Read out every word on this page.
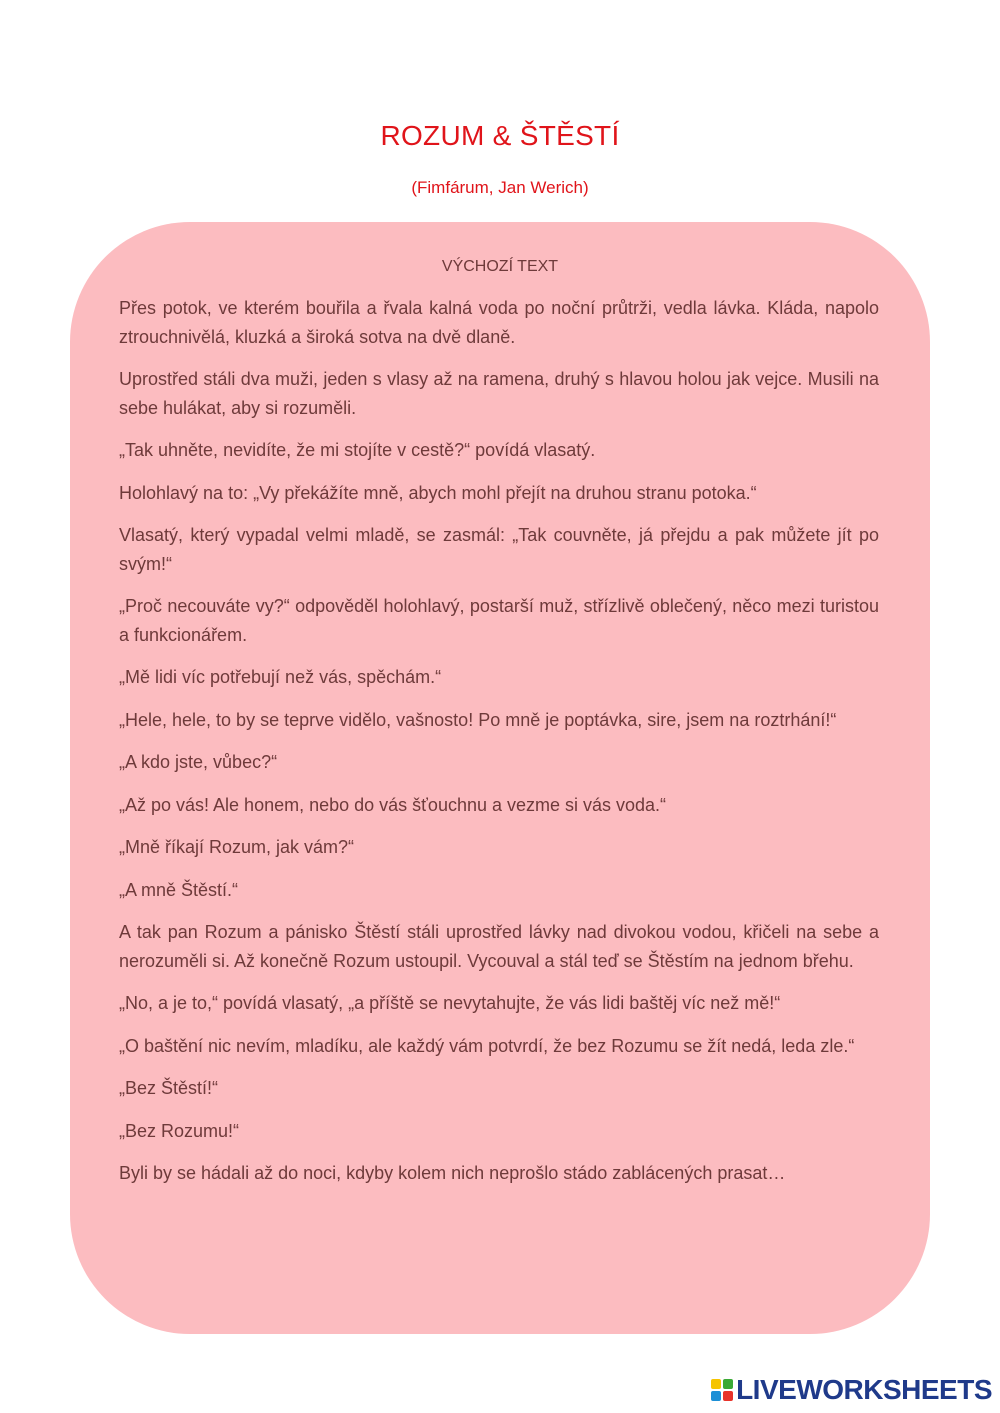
ROZUM & ŠTĚSTÍ
(Fimfárum, Jan Werich)
VÝCHOZÍ TEXT

Přes potok, ve kterém bouřila a řvala kalná voda po noční průtrži, vedla lávka. Kláda, napolo ztrouchnivělá, kluzká a široká sotva na dvě dlaně.

Uprostřed stáli dva muži, jeden s vlasy až na ramena, druhý s hlavou holou jak vejce. Musili na sebe hulákat, aby si rozuměli.

„Tak uhněte, nevidíte, že mi stojíte v cestě?“ povídá vlasatý.

Holohlavý na to: „Vy překážíte mně, abych mohl přejít na druhou stranu potoka.“

Vlasatý, který vypadal velmi mladě, se zasmál: „Tak couvněte, já přejdu a pak můžete jít po svým!“

„Proč necouváte vy?“ odpověděl holohlavý, postarší muž, střízlivě oblečený, něco mezi turistou a funkcionářem.

„Mě lidi víc potřebují než vás, spěchám.“

„Hele, hele, to by se teprve vidělo, vašnosto! Po mně je poptávka, sire, jsem na roztrhání!“

„A kdo jste, vůbec?“

„Až po vás! Ale honem, nebo do vás šťouchnu a vezme si vás voda.“

„Mně říkají Rozum, jak vám?“

„A mně Štěstí.“

A tak pan Rozum a pánisko Štěstí stáli uprostřed lávky nad divokou vodou, křičeli na sebe a nerozuměli si. Až konečně Rozum ustoupil. Vycouval a stál teď se Štěstím na jednom břehu.

„No, a je to,“ povídá vlasatý, „a příště se nevytahujte, že vás lidi baštěj víc než mě!“

„O baštění nic nevím, mladíku, ale každý vám potvrdí, že bez Rozumu se žít nedá, leda zle.“

„Bez Štěstí!“

„Bez Rozumu!“

Byli by se hádali až do noci, kdyby kolem nich neprošlo stádo zablácených prasat…

LIVEWORKSHEETS
